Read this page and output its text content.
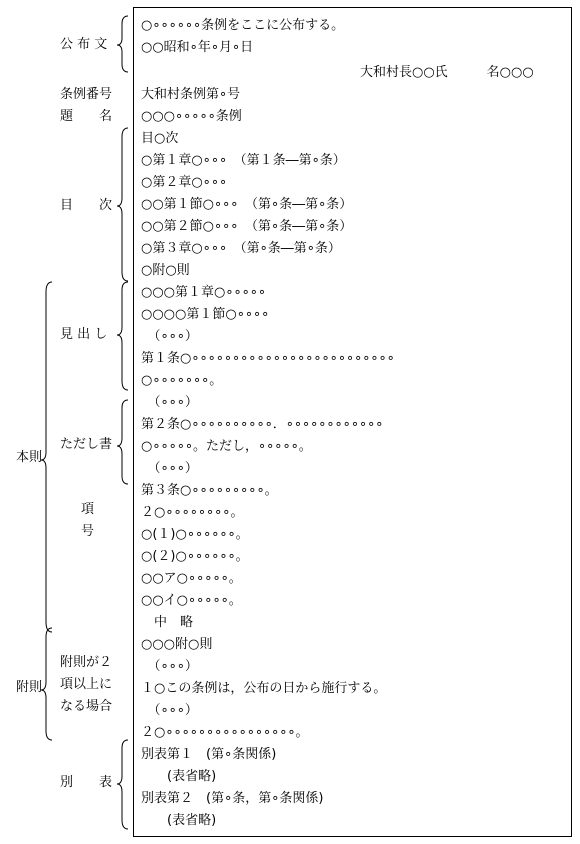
公 布 文
条例番号
題　　名
目　　次
見 出 し
本則
ただし書
項
号
附則
附則が２
項以上に
なる場合
別　　表
○∘∘∘∘∘∘条例をここに公布する。
○○昭和∘年∘月∘日
大和村長○○氏　　　名○○○
大和村条例第∘号
○○○∘∘∘∘∘条例
目○次
○第１章○∘∘∘　（第１条―第∘条）
○第２章○∘∘∘
○○第１節○∘∘∘　（第∘条―第∘条）
○○第２節○∘∘∘　（第∘条―第∘条）
○第３章○∘∘∘　（第∘条―第∘条）
○附○則
○○○第１章○∘∘∘∘∘
○○○○第１節○∘∘∘∘
　（∘∘∘）
第１条○∘∘∘∘∘∘∘∘∘∘∘∘∘∘∘∘∘∘∘∘∘∘∘∘∘
○∘∘∘∘∘∘∘。
　（∘∘∘）
第２条○∘∘∘∘∘∘∘∘∘∘．∘∘∘∘∘∘∘∘∘∘∘∘
○∘∘∘∘∘。ただし，∘∘∘∘∘。
　（∘∘∘）
第３条○∘∘∘∘∘∘∘∘∘。
２○∘∘∘∘∘∘∘∘。
○(１)○∘∘∘∘∘∘。
○(２)○∘∘∘∘∘∘。
○○ア○∘∘∘∘∘。
○○イ○∘∘∘∘∘。
　中　略
○○○附○則
　（∘∘∘）
１○この条例は，公布の日から施行する。
　（∘∘∘）
２○∘∘∘∘∘∘∘∘∘∘∘∘∘∘∘∘。
別表第１　(第∘条関係)
　　(表省略)
別表第２　(第∘条，第∘条関係)
　　(表省略)
